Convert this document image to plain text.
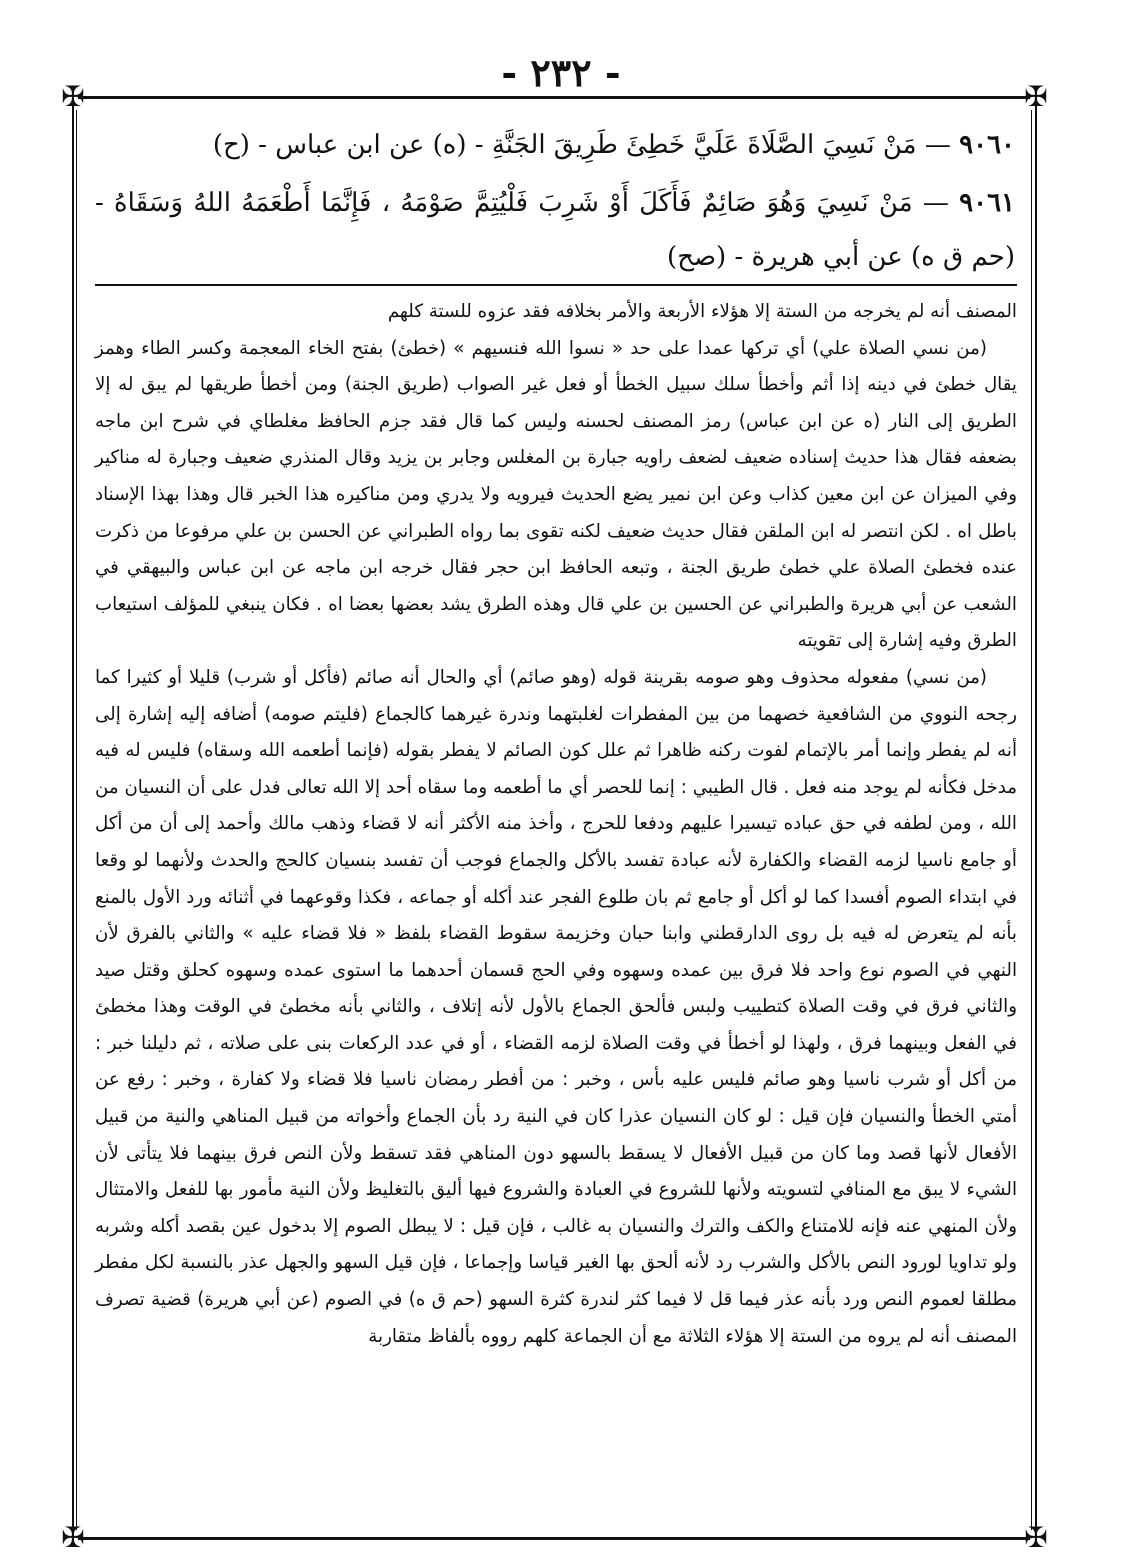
- ٢٣٢ -
✠	✠
✠	✠

٩٠٦٠ — مَنْ نَسِيَ الصَّلَاةَ عَلَيَّ خَطِئَ طَرِيقَ الجَنَّةِ - (ه) عن ابن عباس - (ح)

٩٠٦١ — مَنْ نَسِيَ وَهُوَ صَائِمٌ فَأَكَلَ أَوْ شَرِبَ فَلْيُتِمَّ صَوْمَهُ ، فَإِنَّمَا أَطْعَمَهُ اللهُ وَسَقَاهُ - (حم ق ه) عن أبي هريرة - (صح)

المصنف أنه لم يخرجه من الستة إلا هؤلاء الأربعة والأمر بخلافه فقد عزوه للستة كلهم

(من نسي الصلاة علي) أي تركها عمدا على حد « نسوا الله فنسيهم » (خطئ) بفتح الخاء المعجمة وكسر الطاء وهمز يقال خطئ في دينه إذا أثم وأخطأ سلك سبيل الخطأ أو فعل غير الصواب (طريق الجنة) ومن أخطأ طريقها لم يبق له إلا الطريق إلى النار (ه عن ابن عباس) رمز المصنف لحسنه وليس كما قال فقد جزم الحافظ مغلطاي في شرح ابن ماجه بضعفه فقال هذا حديث إسناده ضعيف لضعف راويه جبارة بن المغلس وجابر بن يزيد وقال المنذري ضعيف وجبارة له مناكير وفي الميزان عن ابن معين كذاب وعن ابن نمير يضع الحديث فيرويه ولا يدري ومن مناكيره هذا الخبر قال وهذا بهذا الإسناد باطل اه . لكن انتصر له ابن الملقن فقال حديث ضعيف لكنه تقوى بما رواه الطبراني عن الحسن بن علي مرفوعا من ذكرت عنده فخطئ الصلاة علي خطئ طريق الجنة ، وتبعه الحافظ ابن حجر فقال خرجه ابن ماجه عن ابن عباس والبيهقي في الشعب عن أبي هريرة والطبراني عن الحسين بن علي قال وهذه الطرق يشد بعضها بعضا اه . فكان ينبغي للمؤلف استيعاب الطرق وفيه إشارة إلى تقويته

(من نسي) مفعوله محذوف وهو صومه بقرينة قوله (وهو صائم) أي والحال أنه صائم (فأكل أو شرب) قليلا أو كثيرا كما رجحه النووي من الشافعية خصهما من بين المفطرات لغلبتهما وندرة غيرهما كالجماع (فليتم صومه) أضافه إليه إشارة إلى أنه لم يفطر وإنما أمر بالإتمام لفوت ركنه ظاهرا ثم علل كون الصائم لا يفطر بقوله (فإنما أطعمه الله وسقاه) فليس له فيه مدخل فكأنه لم يوجد منه فعل . قال الطيبي : إنما للحصر أي ما أطعمه وما سقاه أحد إلا الله تعالى فدل على أن النسيان من الله ، ومن لطفه في حق عباده تيسيرا عليهم ودفعا للحرج ، وأخذ منه الأكثر أنه لا قضاء وذهب مالك وأحمد إلى أن من أكل أو جامع ناسيا لزمه القضاء والكفارة لأنه عبادة تفسد بالأكل والجماع فوجب أن تفسد بنسيان كالحج والحدث ولأنهما لو وقعا في ابتداء الصوم أفسدا كما لو أكل أو جامع ثم بان طلوع الفجر عند أكله أو جماعه ، فكذا وقوعهما في أثنائه ورد الأول بالمنع بأنه لم يتعرض له فيه بل روى الدارقطني وابنا حبان وخزيمة سقوط القضاء بلفظ « فلا قضاء عليه » والثاني بالفرق لأن النهي في الصوم نوع واحد فلا فرق بين عمده وسهوه وفي الحج قسمان أحدهما ما استوى عمده وسهوه كحلق وقتل صيد والثاني فرق في وقت الصلاة كتطييب ولبس فألحق الجماع بالأول لأنه إتلاف ، والثاني بأنه مخطئ في الوقت وهذا مخطئ في الفعل وبينهما فرق ، ولهذا لو أخطأ في وقت الصلاة لزمه القضاء ، أو في عدد الركعات بنى على صلاته ، ثم دليلنا خبر : من أكل أو شرب ناسيا وهو صائم فليس عليه بأس ، وخبر : من أفطر رمضان ناسيا فلا قضاء ولا كفارة ، وخبر : رفع عن أمتي الخطأ والنسيان فإن قيل : لو كان النسيان عذرا كان في النية رد بأن الجماع وأخواته من قبيل المناهي والنية من قبيل الأفعال لأنها قصد وما كان من قبيل الأفعال لا يسقط بالسهو دون المناهي فقد تسقط ولأن النص فرق بينهما فلا يتأتى لأن الشيء لا يبق مع المنافي لتسويته ولأنها للشروع في العبادة والشروع فيها أليق بالتغليظ ولأن النية مأمور بها للفعل والامتثال ولأن المنهي عنه فإنه للامتناع والكف والترك والنسيان به غالب ، فإن قيل : لا يبطل الصوم إلا بدخول عين بقصد أكله وشربه ولو تداويا لورود النص بالأكل والشرب رد لأنه ألحق بها الغير قياسا وإجماعا ، فإن قيل السهو والجهل عذر بالنسبة لكل مفطر مطلقا لعموم النص ورد بأنه عذر فيما قل لا فيما كثر لندرة كثرة السهو (حم ق ه) في الصوم (عن أبي هريرة) قضية تصرف المصنف أنه لم يروه من الستة إلا هؤلاء الثلاثة مع أن الجماعة كلهم رووه بألفاظ متقاربة
